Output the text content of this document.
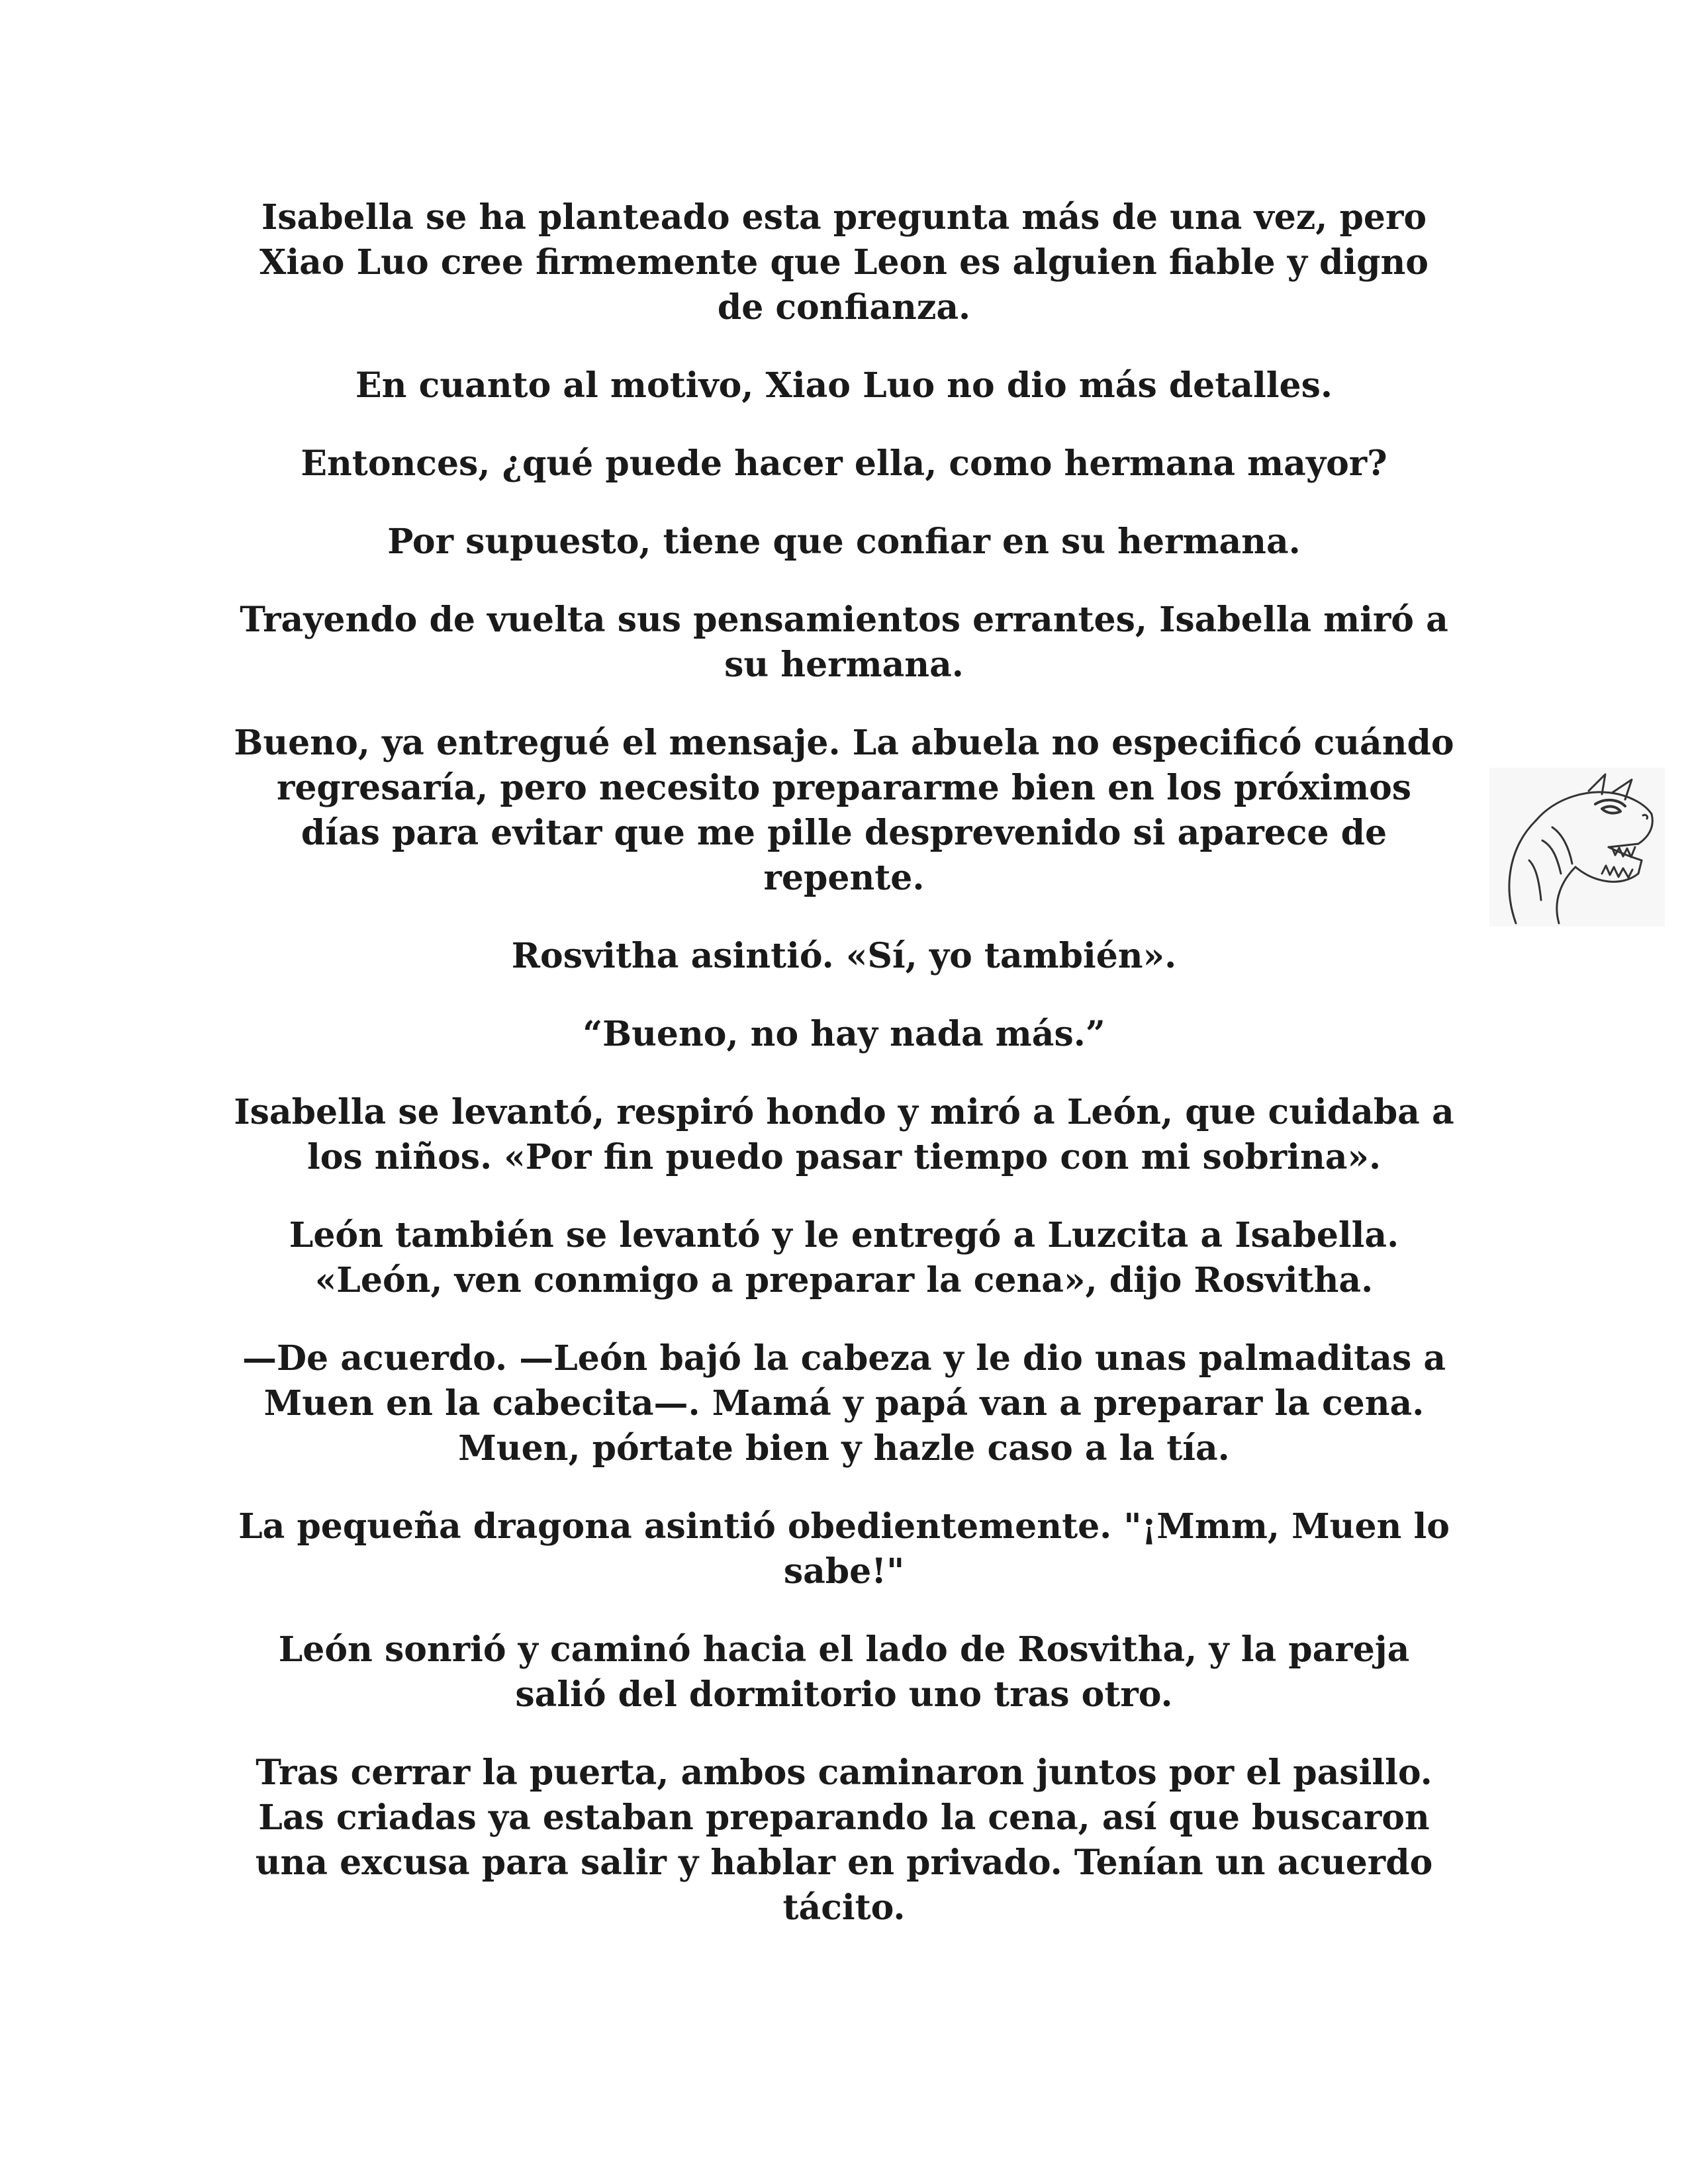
Isabella se ha planteado esta pregunta más de una vez, pero Xiao Luo cree firmemente que Leon es alguien fiable y digno de confianza.

En cuanto al motivo, Xiao Luo no dio más detalles.

Entonces, ¿qué puede hacer ella, como hermana mayor?

Por supuesto, tiene que confiar en su hermana.

Trayendo de vuelta sus pensamientos errantes, Isabella miró a su hermana.

Bueno, ya entregué el mensaje. La abuela no especificó cuándo regresaría, pero necesito prepararme bien en los próximos días para evitar que me pille desprevenido si aparece de repente.

Rosvitha asintió. «Sí, yo también».

“Bueno, no hay nada más.”

Isabella se levantó, respiró hondo y miró a León, que cuidaba a los niños. «Por fin puedo pasar tiempo con mi sobrina».

León también se levantó y le entregó a Luzcita a Isabella. «León, ven conmigo a preparar la cena», dijo Rosvitha.

—De acuerdo. —León bajó la cabeza y le dio unas palmaditas a Muen en la cabecita—. Mamá y papá van a preparar la cena. Muen, pórtate bien y hazle caso a la tía.

La pequeña dragona asintió obedientemente. "¡Mmm, Muen lo sabe!"

León sonrió y caminó hacia el lado de Rosvitha, y la pareja salió del dormitorio uno tras otro.

Tras cerrar la puerta, ambos caminaron juntos por el pasillo. Las criadas ya estaban preparando la cena, así que buscaron una excusa para salir y hablar en privado. Tenían un acuerdo tácito.
